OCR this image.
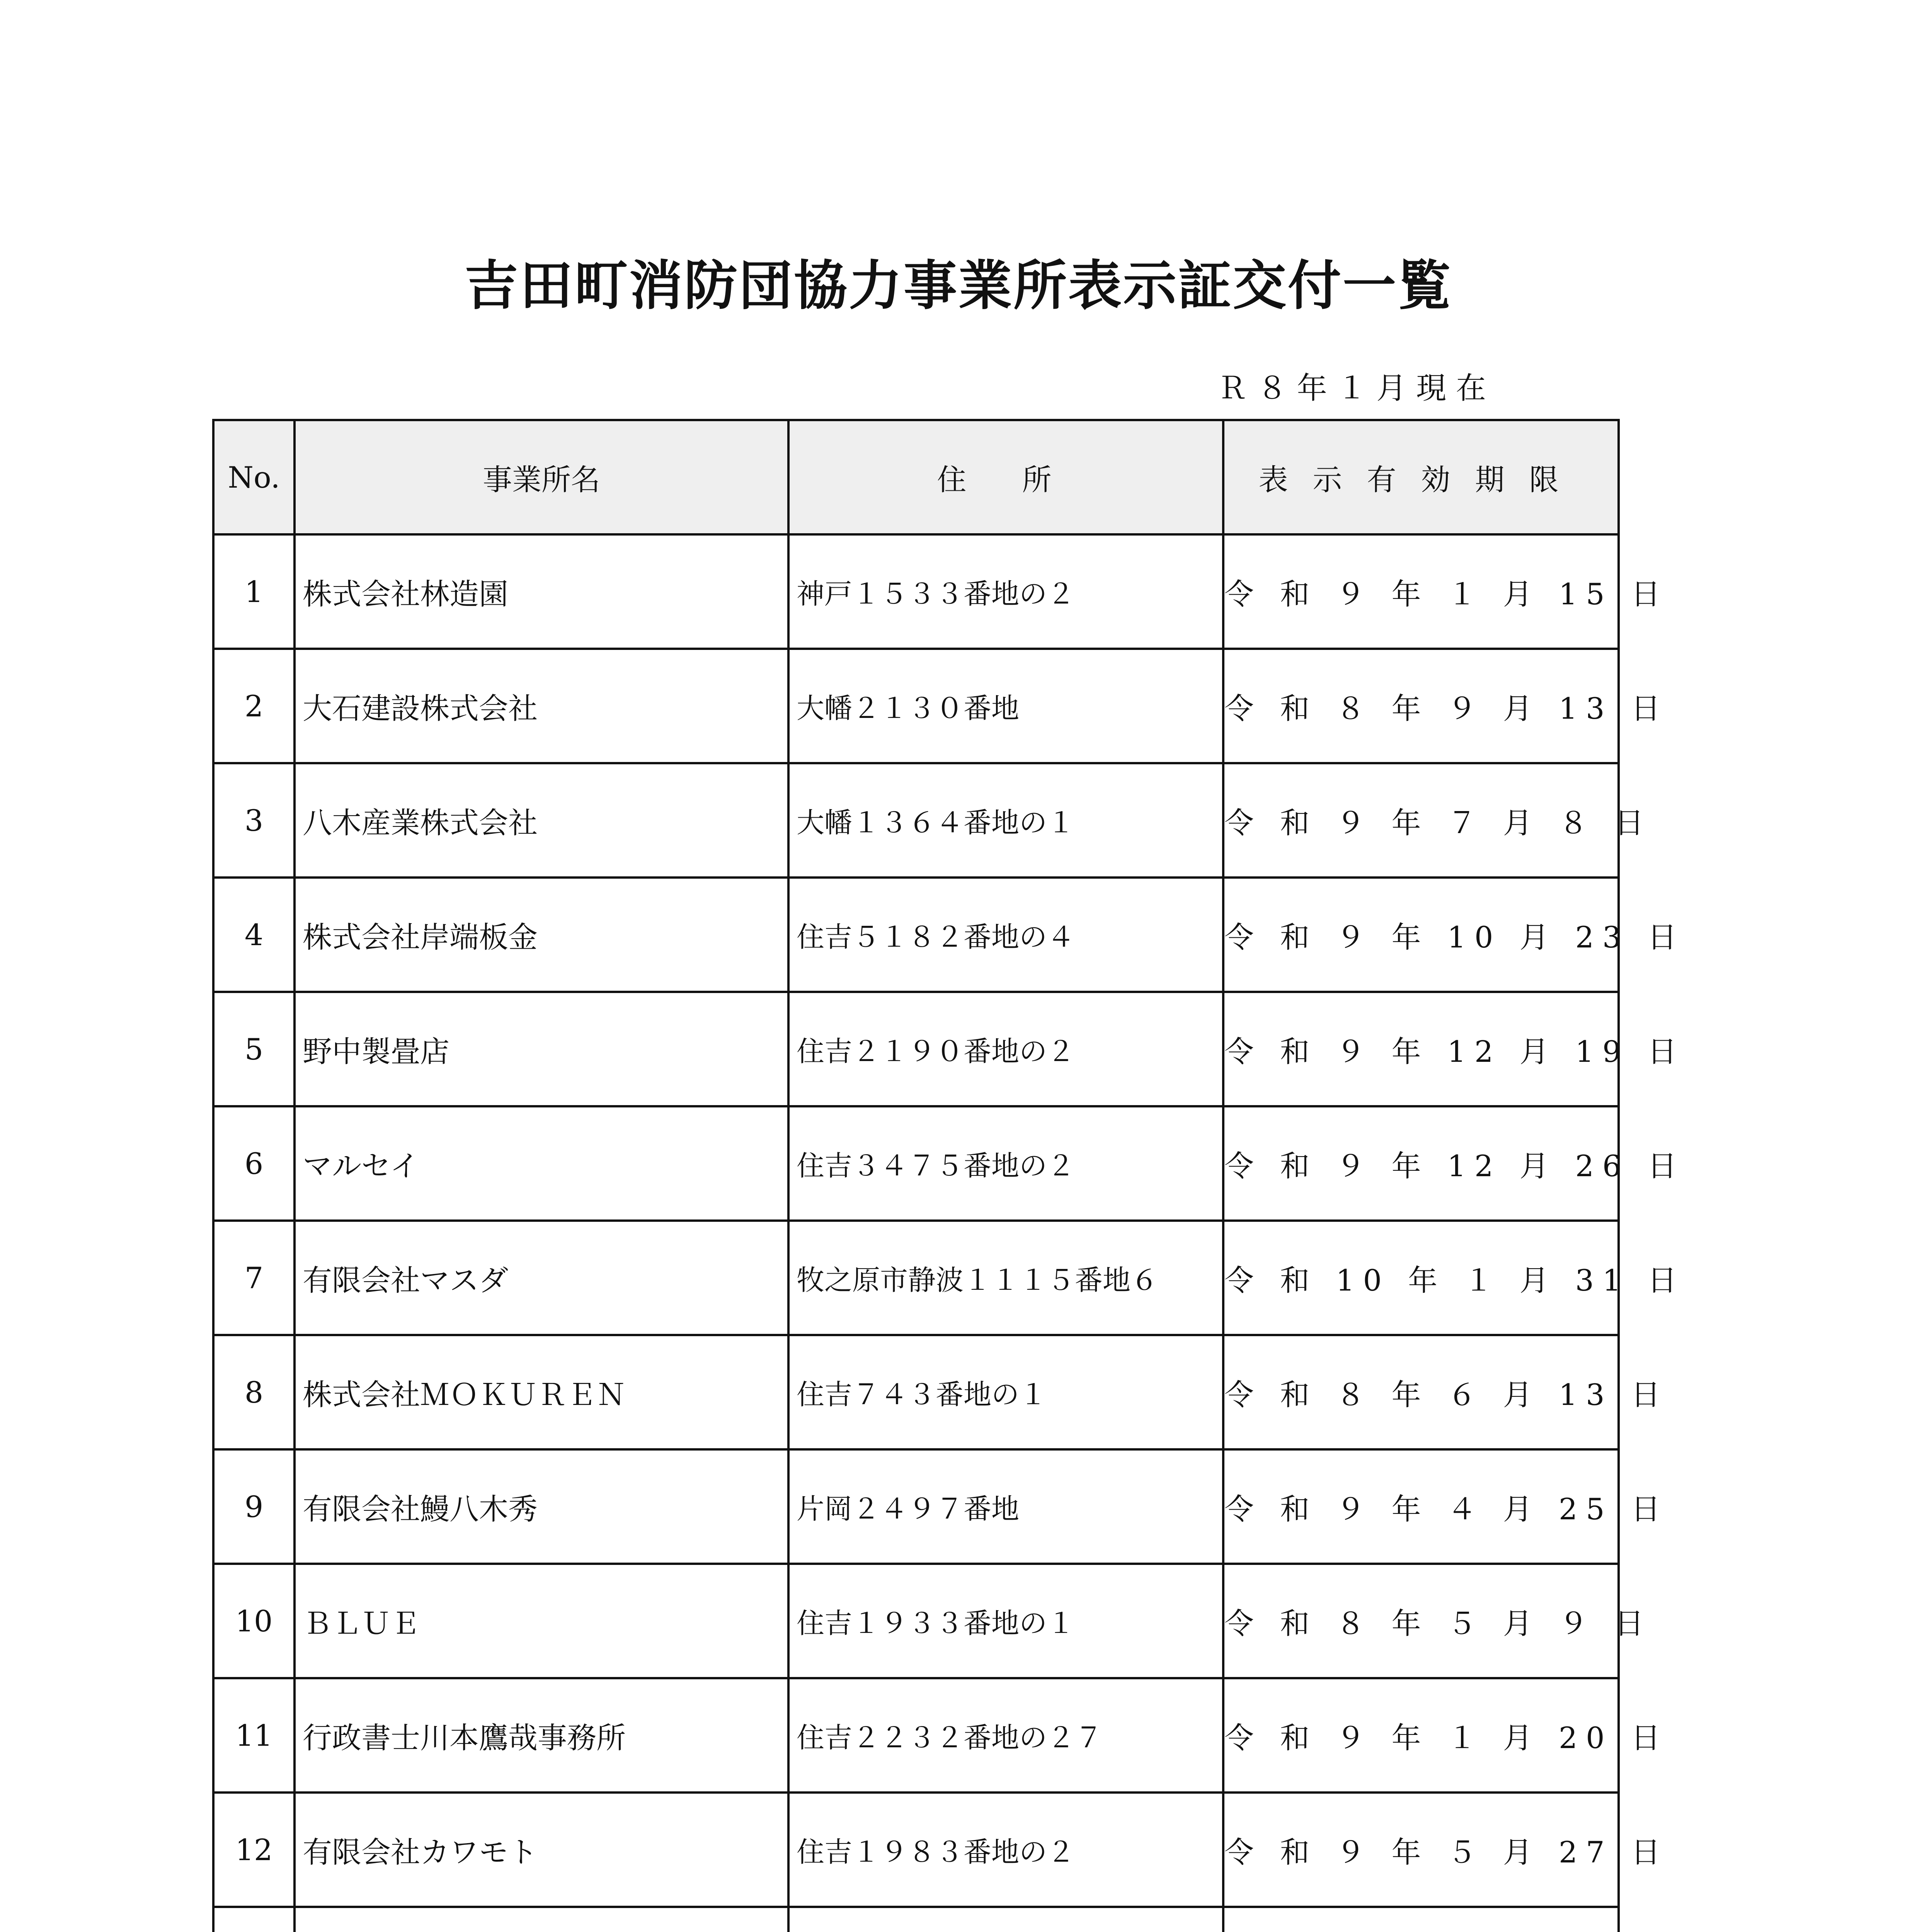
吉田町消防団協力事業所表示証交付一覧
Ｒ ８ 年 １ 月 現 在
No.	事業所名	住 所	表示有効期限
1	株式会社林造園	神戸１５３３番地の２	令 和 ９ 年 １ 月 15 日
2	大石建設株式会社	大幡２１３０番地	令 和 ８ 年 ９ 月 13 日
3	八木産業株式会社	大幡１３６４番地の１	令 和 ９ 年 ７ 月 ８ 日
4	株式会社岸端板金	住吉５１８２番地の４	令 和 ９ 年 10 月 23 日
5	野中製畳店	住吉２１９０番地の２	令 和 ９ 年 12 月 19 日
6	マルセイ	住吉３４７５番地の２	令 和 ９ 年 12 月 26 日
7	有限会社マスダ	牧之原市静波１１１５番地６	令 和 10 年 １ 月 31 日
8	株式会社ＭＯＫＵＲＥＮ	住吉７４３番地の１	令 和 ８ 年 ６ 月 13 日
9	有限会社鰻八木秀	片岡２４９７番地	令 和 ９ 年 ４ 月 25 日
10	ＢＬＵＥ	住吉１９３３番地の１	令 和 ８ 年 ５ 月 ９ 日
11	行政書士川本鷹哉事務所	住吉２２３２番地の２７	令 和 ９ 年 １ 月 20 日
12	有限会社カワモト	住吉１９８３番地の２	令 和 ９ 年 ５ 月 27 日
